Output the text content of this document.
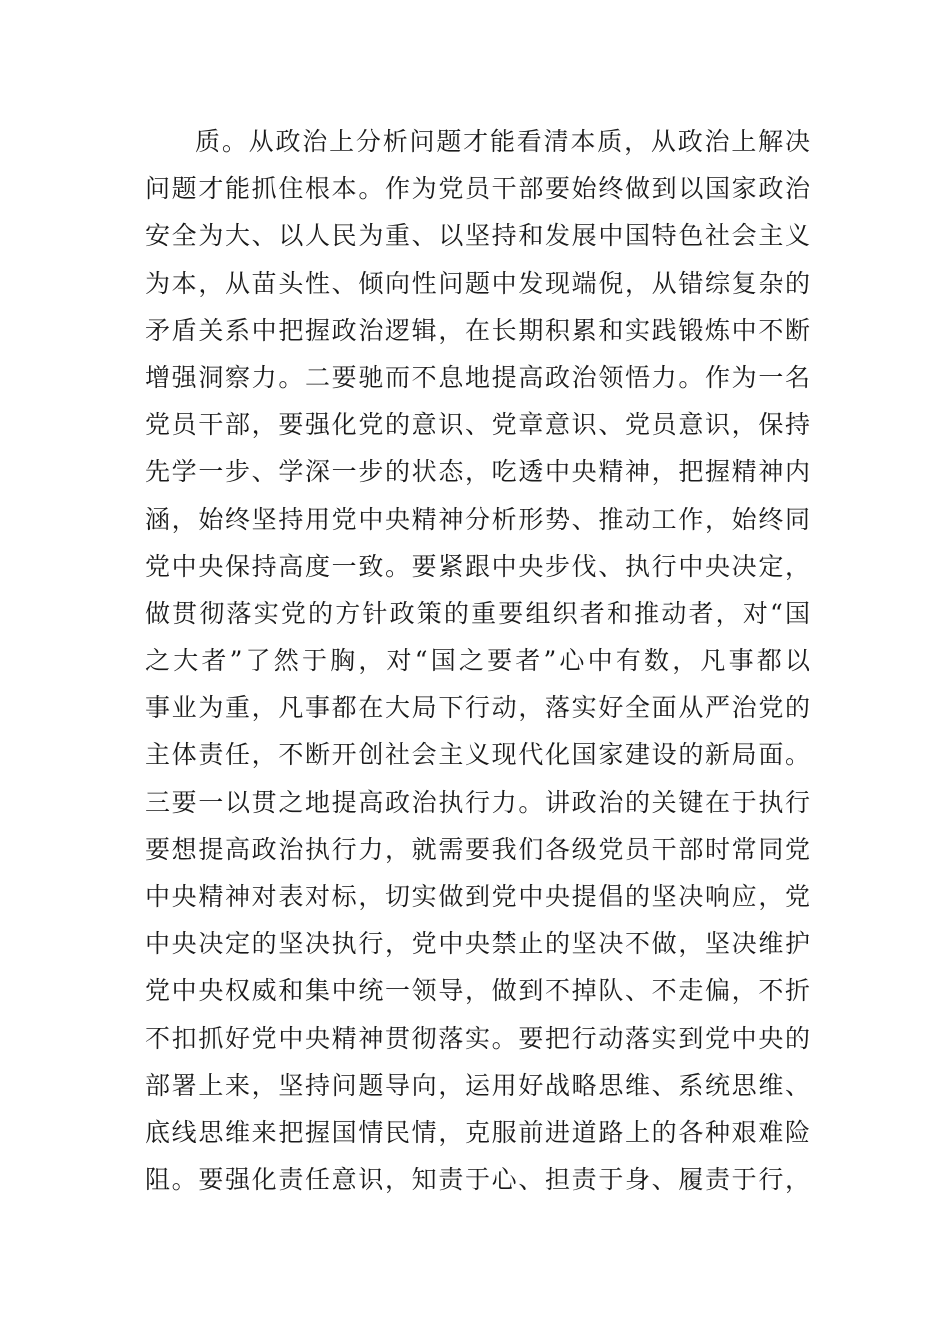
质。从政治上分析问题才能看清本质，从政治上解决
问题才能抓住根本。作为党员干部要始终做到以国家政治
安全为大、以人民为重、以坚持和发展中国特色社会主义
为本，从苗头性、倾向性问题中发现端倪，从错综复杂的
矛盾关系中把握政治逻辑，在长期积累和实践锻炼中不断
增强洞察力。二要驰而不息地提高政治领悟力。作为一名
党员干部，要强化党的意识、党章意识、党员意识，保持
先学一步、学深一步的状态，吃透中央精神，把握精神内
涵，始终坚持用党中央精神分析形势、推动工作，始终同
党中央保持高度一致。要紧跟中央步伐、执行中央决定，
做贯彻落实党的方针政策的重要组织者和推动者，对“国
之大者”了然于胸，对“国之要者”心中有数，凡事都以
事业为重，凡事都在大局下行动，落实好全面从严治党的
主体责任，不断开创社会主义现代化国家建设的新局面。
三要一以贯之地提高政治执行力。讲政治的关键在于执行
要想提高政治执行力，就需要我们各级党员干部时常同党
中央精神对表对标，切实做到党中央提倡的坚决响应，党
中央决定的坚决执行，党中央禁止的坚决不做，坚决维护
党中央权威和集中统一领导，做到不掉队、不走偏，不折
不扣抓好党中央精神贯彻落实。要把行动落实到党中央的
部署上来，坚持问题导向，运用好战略思维、系统思维、
底线思维来把握国情民情，克服前进道路上的各种艰难险
阻。要强化责任意识，知责于心、担责于身、履责于行，
